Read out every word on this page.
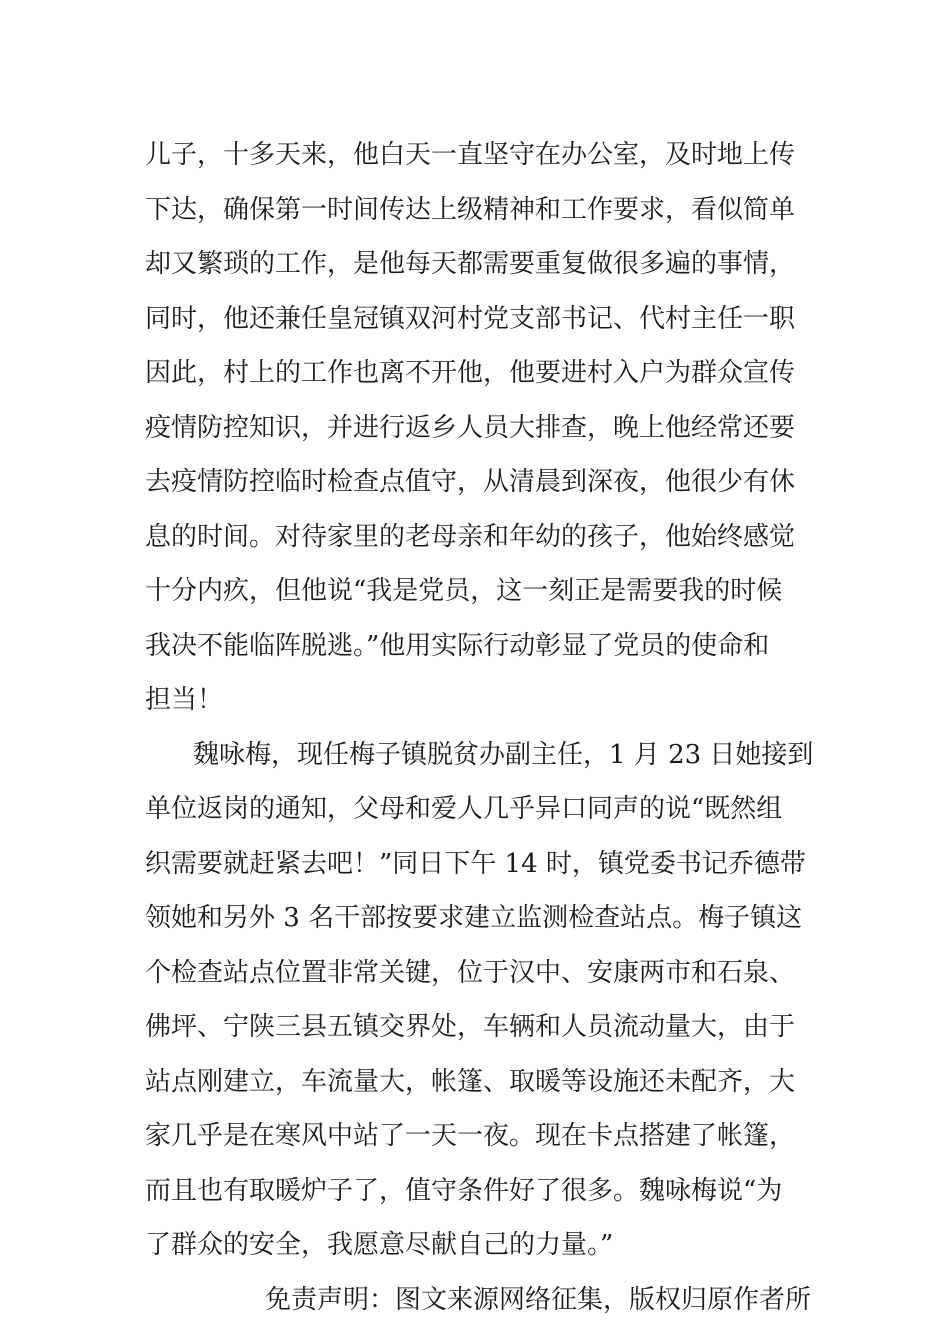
儿子，十多天来，他白天一直坚守在办公室，及时地上传
下达，确保第一时间传达上级精神和工作要求，看似简单
却又繁琐的工作，是他每天都需要重复做很多遍的事情，
同时，他还兼任皇冠镇双河村党支部书记、代村主任一职
因此，村上的工作也离不开他，他要进村入户为群众宣传
疫情防控知识，并进行返乡人员大排查，晚上他经常还要
去疫情防控临时检查点值守，从清晨到深夜，他很少有休
息的时间。对待家里的老母亲和年幼的孩子，他始终感觉
十分内疚，但他说“我是党员，这一刻正是需要我的时候
我决不能临阵脱逃。”他用实际行动彰显了党员的使命和
担当！
魏咏梅，现任梅子镇脱贫办副主任，1 月 23 日她接到
单位返岗的通知，父母和爱人几乎异口同声的说“既然组
织需要就赶紧去吧！”同日下午 14 时，镇党委书记乔德带
领她和另外 3 名干部按要求建立监测检查站点。梅子镇这
个检查站点位置非常关键，位于汉中、安康两市和石泉、
佛坪、宁陕三县五镇交界处，车辆和人员流动量大，由于
站点刚建立，车流量大，帐篷、取暖等设施还未配齐，大
家几乎是在寒风中站了一天一夜。现在卡点搭建了帐篷，
而且也有取暖炉子了，值守条件好了很多。魏咏梅说“为
了群众的安全，我愿意尽献自己的力量。”
免责声明：图文来源网络征集，版权归原作者所
